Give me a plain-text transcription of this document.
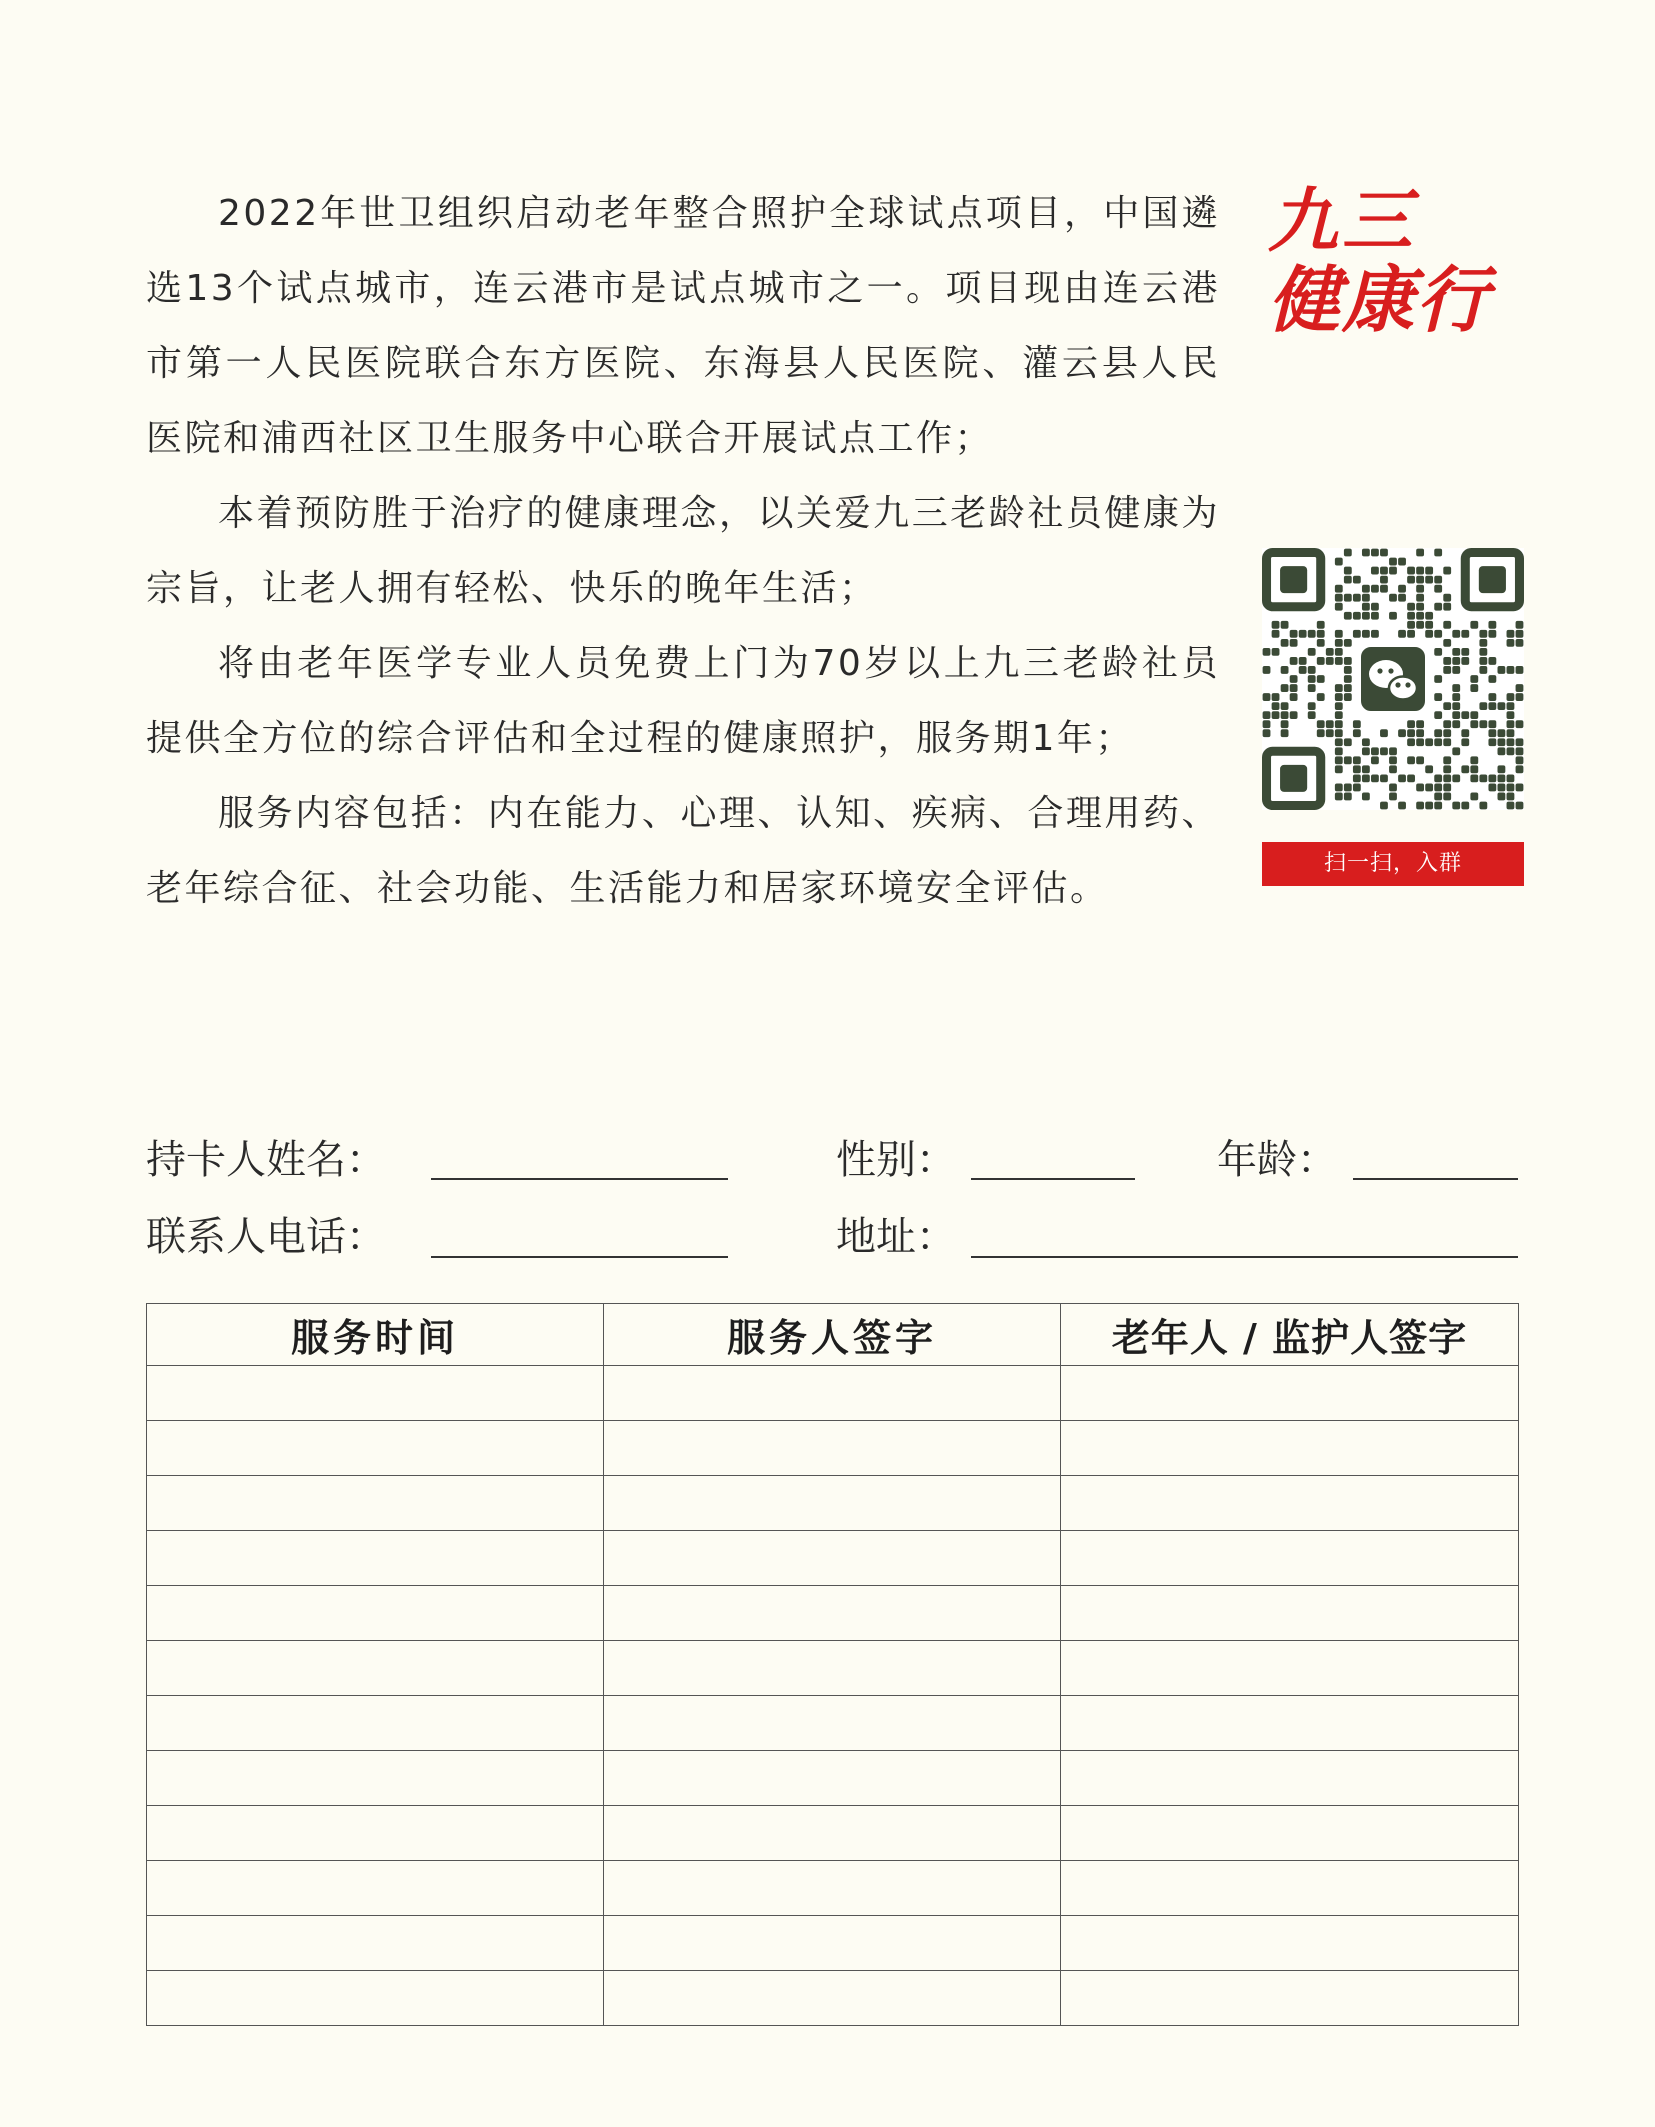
2022年世卫组织启动老年整合照护全球试点项目，中国遴选13个试点城市，连云港市是试点城市之一。项目现由连云港市第一人民医院联合东方医院、东海县人民医院、灌云县人民医院和浦西社区卫生服务中心联合开展试点工作；

本着预防胜于治疗的健康理念，以关爱九三老龄社员健康为宗旨，让老人拥有轻松、快乐的晚年生活；

将由老年医学专业人员免费上门为70岁以上九三老龄社员提供全方位的综合评估和全过程的健康照护，服务期1年；

服务内容包括：内在能力、心理、认知、疾病、合理用药、老年综合征、社会功能、生活能力和居家环境安全评估。

九三
健康行
扫一扫，入群
持卡人姓名：	性别：	年龄：
联系人电话：	地址：
服务时间	服务人签字	老年人 / 监护人签字
